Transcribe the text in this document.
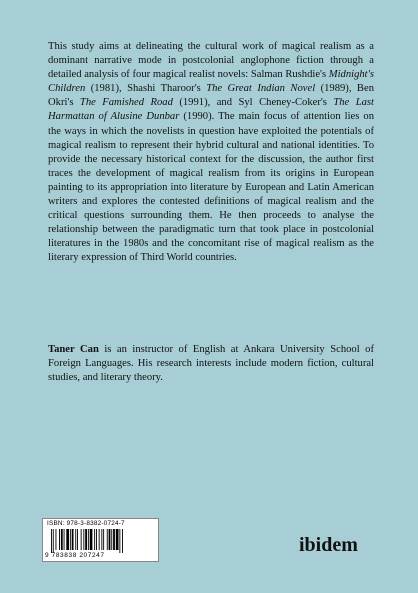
This study aims at delineating the cultural work of magical realism as a dominant narrative mode in postcolonial anglophone fiction through a detailed analysis of four magical realist novels: Salman Rushdie's Midnight's Children (1981), Shashi Tharoor's The Great Indian Novel (1989), Ben Okri's The Famished Road (1991), and Syl Cheney-Coker's The Last Harmattan of Alusine Dunbar (1990). The main focus of attention lies on the ways in which the novelists in question have exploited the potentials of magical realism to represent their hybrid cultural and national identities. To provide the necessary historical context for the discussion, the author first traces the development of magical realism from its origins in European painting to its appropriation into literature by European and Latin American writers and explores the contested definitions of magical realism and the critical questions surrounding them. He then proceeds to analyse the relationship between the paradigmatic turn that took place in postcolonial literatures in the 1980s and the concomitant rise of magical realism as the literary expression of Third World countries.

Taner Can is an instructor of English at Ankara University School of Foreign Languages. His research interests include modern fiction, cultural studies, and literary theory.

ISBN: 978-3-8382-0724-7
9 783838 207247	ibidem
